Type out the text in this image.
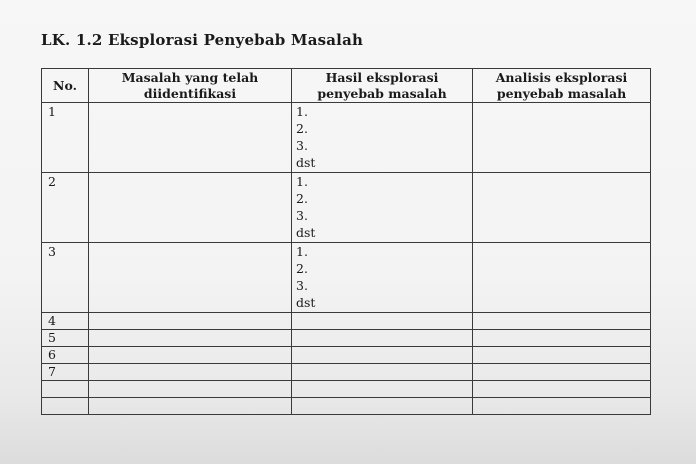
LK. 1.2 Eksplorasi Penyebab Masalah
No.	Masalah yang telah diidentifikasi	Hasil eksplorasi penyebab masalah	Analisis eksplorasi penyebab masalah
1		1.
2.
3.
dst	

2		1.
2.
3.
dst	

3		1.
2.
3.
dst	

4			
5			
6			
7			
